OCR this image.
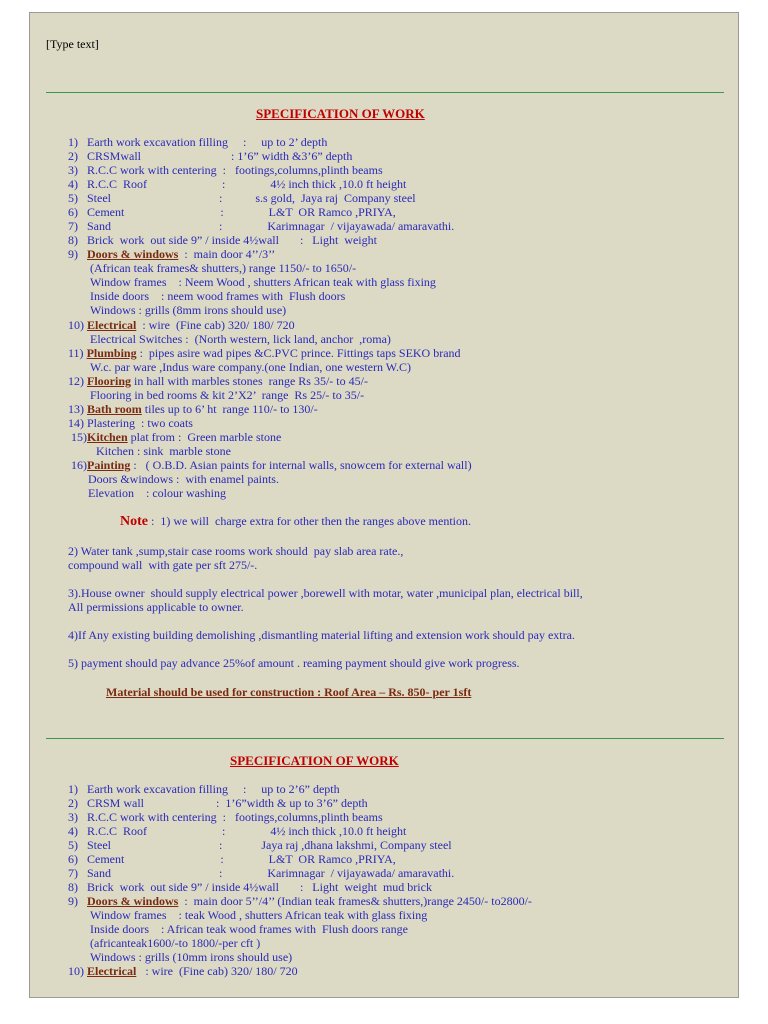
[Type text]
SPECIFICATION OF WORK
1)   Earth work excavation filling     :     up to 2’ depth
2)   CRSMwall                              : 1’6” width &3’6” depth
3)   R.C.C work with centering  :   footings,columns,plinth beams
4)   R.C.C  Roof                         :               4½ inch thick ,10.0 ft height
5)   Steel                                    :           s.s gold,  Jaya raj  Company steel
6)   Cement                                :               L&T  OR Ramco ,PRIYA,
7)   Sand                                    :               Karimnagar  / vijayawada/ amaravathi.
8)   Brick  work  out side 9” / inside 4½wall       :   Light  weight
9)   Doors & windows  :  main door 4’’/3’’
(African teak frames& shutters,) range 1150/- to 1650/-
Window frames    : Neem Wood , shutters African teak with glass fixing
Inside doors    : neem wood frames with  Flush doors
Windows : grills (8mm irons should use)
10) Electrical  : wire  (Fine cab) 320/ 180/ 720
Electrical Switches :  (North western, lick land, anchor  ,roma)
11) Plumbing :  pipes asire wad pipes &C.PVC prince. Fittings taps SEKO brand
W.c. par ware ,Indus ware company.(one Indian, one western W.C)
12) Flooring in hall with marbles stones  range Rs 35/- to 45/-
Flooring in bed rooms & kit 2’X2’  range  Rs 25/- to 35/-
13) Bath room tiles up to 6’ ht  range 110/- to 130/-
14) Plastering  : two coats
15)Kitchen plat from :  Green marble stone
Kitchen : sink  marble stone
16)Painting :   ( O.B.D. Asian paints for internal walls, snowcem for external wall)
Doors &windows :  with enamel paints.
Elevation    : colour washing
Note :  1) we will  charge extra for other then the ranges above mention.
2) Water tank ,sump,stair case rooms work should  pay slab area rate.,
compound wall  with gate per sft 275/-.
3).House owner  should supply electrical power ,borewell with motar, water ,municipal plan, electrical bill,
All permissions applicable to owner.
4)If Any existing building demolishing ,dismantling material lifting and extension work should pay extra.
5) payment should pay advance 25%of amount . reaming payment should give work progress.
Material should be used for construction : Roof Area – Rs. 850- per 1sft
SPECIFICATION OF WORK
1)   Earth work excavation filling     :     up to 2’6” depth
2)   CRSM wall                        :  1’6”width & up to 3’6” depth
3)   R.C.C work with centering  :   footings,columns,plinth beams
4)   R.C.C  Roof                         :               4½ inch thick ,10.0 ft height
5)   Steel                                    :             Jaya raj ,dhana lakshmi, Company steel
6)   Cement                                :               L&T  OR Ramco ,PRIYA,
7)   Sand                                    :               Karimnagar  / vijayawada/ amaravathi.
8)   Brick  work  out side 9” / inside 4½wall       :   Light  weight  mud brick
9)   Doors & windows  :  main door 5’’/4’’ (Indian teak frames& shutters,)range 2450/- to2800/-
Window frames    : teak Wood , shutters African teak with glass fixing
Inside doors    : African teak wood frames with  Flush doors range
(africanteak1600/-to 1800/-per cft )
Windows : grills (10mm irons should use)
10) Electrical   : wire  (Fine cab) 320/ 180/ 720
